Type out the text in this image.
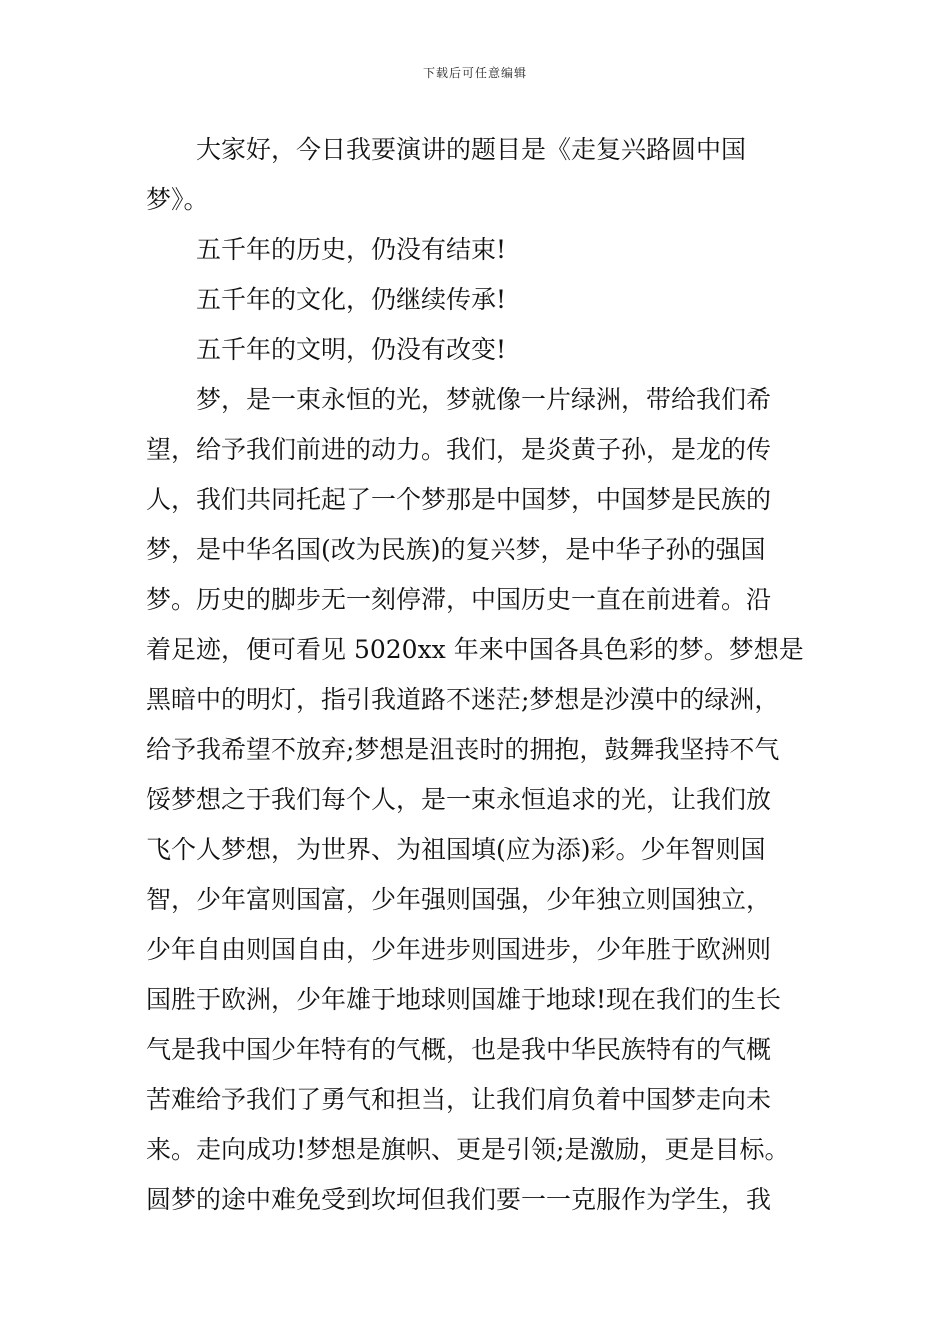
下载后可任意编辑
大家好，今日我要演讲的题目是《走复兴路圆中国
梦》。
五千年的历史，仍没有结束!
五千年的文化，仍继续传承!
五千年的文明，仍没有改变!
梦，是一束永恒的光，梦就像一片绿洲，带给我们希
望，给予我们前进的动力。我们，是炎黄子孙，是龙的传
人，我们共同托起了一个梦那是中国梦，中国梦是民族的
梦，是中华名国(改为民族)的复兴梦，是中华子孙的强国
梦。历史的脚步无一刻停滞，中国历史一直在前进着。沿
着足迹，便可看见 5020xx 年来中国各具色彩的梦。梦想是
黑暗中的明灯，指引我道路不迷茫;梦想是沙漠中的绿洲，
给予我希望不放弃;梦想是沮丧时的拥抱，鼓舞我坚持不气
馁梦想之于我们每个人，是一束永恒追求的光，让我们放
飞个人梦想，为世界、为祖国填(应为添)彩。少年智则国
智，少年富则国富，少年强则国强，少年独立则国独立，
少年自由则国自由，少年进步则国进步，少年胜于欧洲则
国胜于欧洲，少年雄于地球则国雄于地球!现在我们的生长
气是我中国少年特有的气概，也是我中华民族特有的气概
苦难给予我们了勇气和担当，让我们肩负着中国梦走向未
来。走向成功!梦想是旗帜、更是引领;是激励，更是目标。
圆梦的途中难免受到坎坷但我们要一一克服作为学生，我
